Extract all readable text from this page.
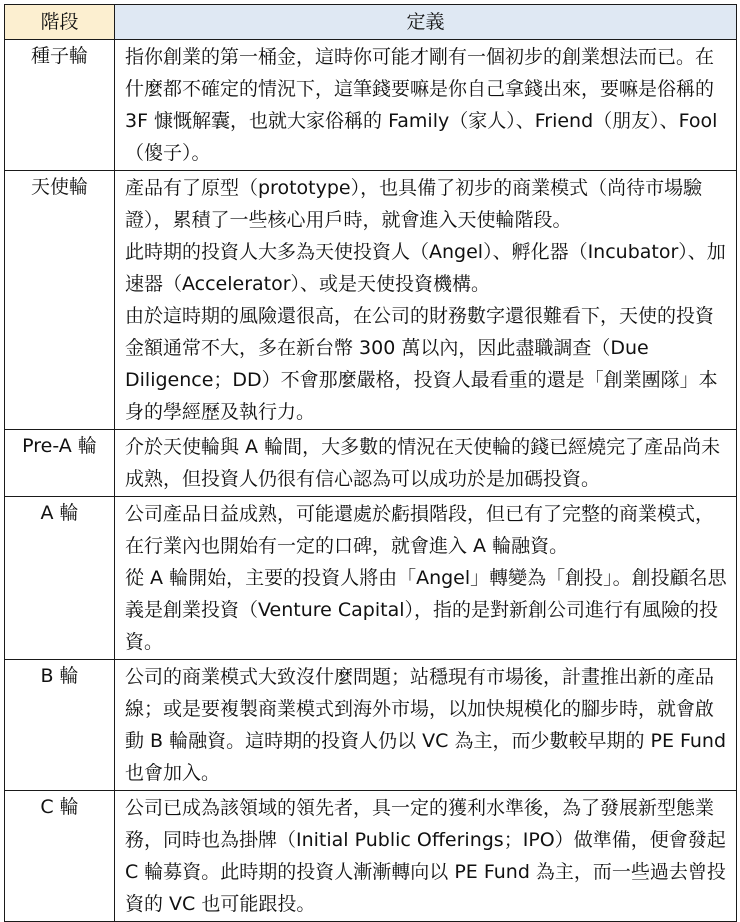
階段	定義
種子輪	指你創業的第一桶金，這時你可能才剛有一個初步的創業想法而已。在什麼都不確定的情況下，這筆錢要嘛是你自己拿錢出來，要嘛是俗稱的 3F 慷慨解囊，也就大家俗稱的 Family（家人）、Friend（朋友）、Fool（傻子）。

天使輪	產品有了原型（prototype），也具備了初步的商業模式（尚待市場驗證），累積了一些核心用戶時，就會進入天使輪階段。

此時期的投資人大多為天使投資人（Angel）、孵化器（Incubator）、加速器（Accelerator）、或是天使投資機構。

由於這時期的風險還很高，在公司的財務數字還很難看下，天使的投資金額通常不大，多在新台幣 300 萬以內，因此盡職調查（Due Diligence；DD）不會那麼嚴格，投資人最看重的還是「創業團隊」本身的學經歷及執行力。

Pre-A 輪	介於天使輪與 A 輪間，大多數的情況在天使輪的錢已經燒完了產品尚未成熟，但投資人仍很有信心認為可以成功於是加碼投資。

A 輪	公司產品日益成熟，可能還處於虧損階段，但已有了完整的商業模式，在行業內也開始有一定的口碑，就會進入 A 輪融資。

從 A 輪開始，主要的投資人將由「Angel」轉變為「創投」。創投顧名思義是創業投資（Venture Capital），指的是對新創公司進行有風險的投資。

B 輪	公司的商業模式大致沒什麼問題；站穩現有市場後，計畫推出新的產品線；或是要複製商業模式到海外市場，以加快規模化的腳步時，就會啟動 B 輪融資。這時期的投資人仍以 VC 為主，而少數較早期的 PE Fund 也會加入。

C 輪	公司已成為該領域的領先者，具一定的獲利水準後，為了發展新型態業務，同時也為掛牌（Initial Public Offerings；IPO）做準備，便會發起 C 輪募資。此時期的投資人漸漸轉向以 PE Fund 為主，而一些過去曾投資的 VC 也可能跟投。
